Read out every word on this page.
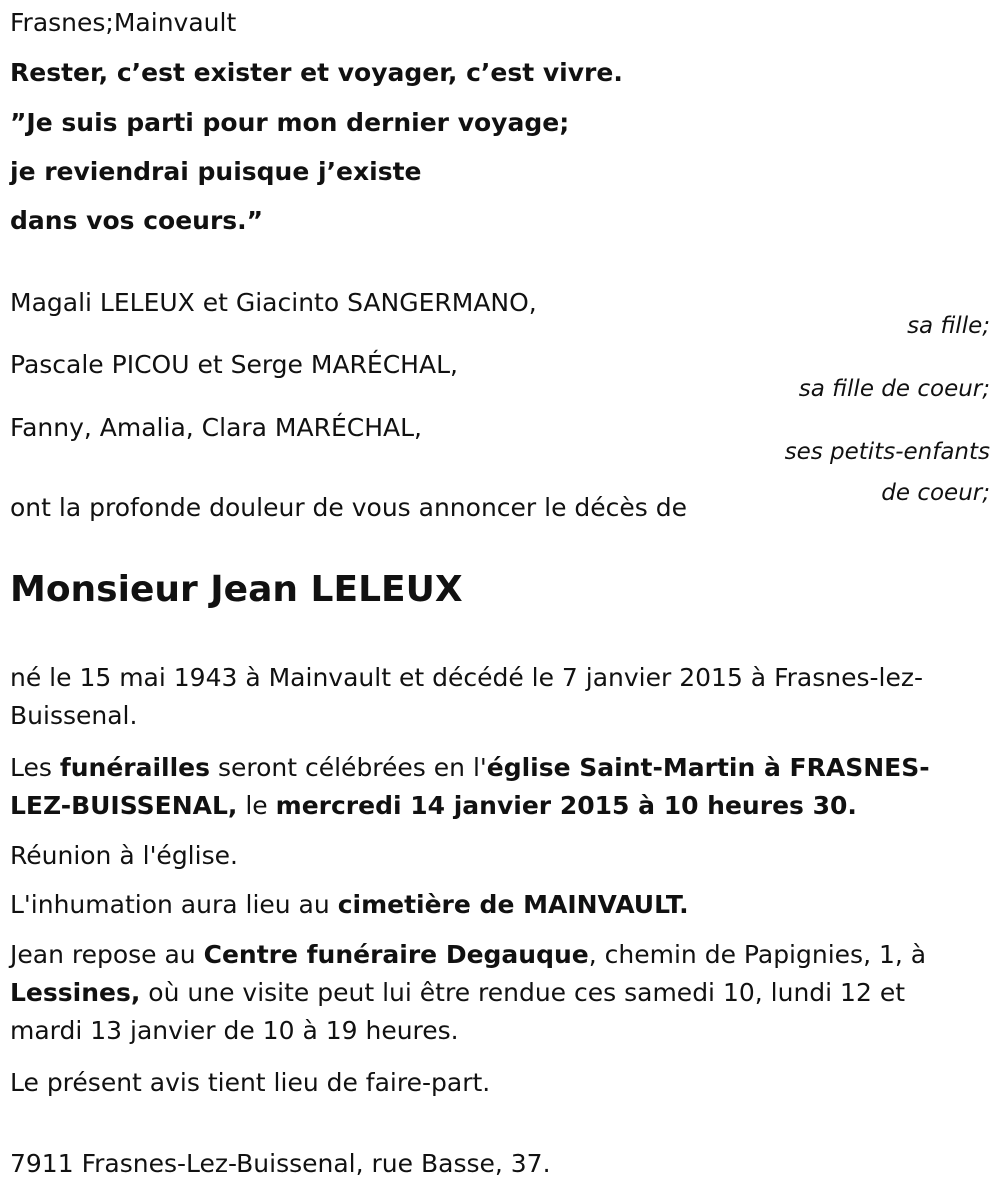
Frasnes;Mainvault
Rester, c’est exister et voyager, c’est vivre.
”Je suis parti pour mon dernier voyage;
je reviendrai puisque j’existe
dans vos coeurs.”
Magali LELEUX et Giacinto SANGERMANO,
sa fille;
Pascale PICOU et Serge MARÉCHAL,
sa fille de coeur;
Fanny, Amalia, Clara MARÉCHAL,
ses petits-enfants
de coeur;
ont la profonde douleur de vous annoncer le décès de
Monsieur Jean LELEUX
né le 15 mai 1943 à Mainvault et décédé le 7 janvier 2015 à Frasnes-lez-Buissenal.
Les funérailles seront célébrées en l'église Saint-Martin à FRASNES-LEZ-BUISSENAL, le mercredi 14 janvier 2015 à 10 heures 30.
Réunion à l'église.
L'inhumation aura lieu au cimetière de MAINVAULT.
Jean repose au Centre funéraire Degauque, chemin de Papignies, 1, à Lessines, où une visite peut lui être rendue ces samedi 10, lundi 12 et mardi 13 janvier de 10 à 19 heures.
Le présent avis tient lieu de faire-part.
7911 Frasnes-Lez-Buissenal, rue Basse, 37.
